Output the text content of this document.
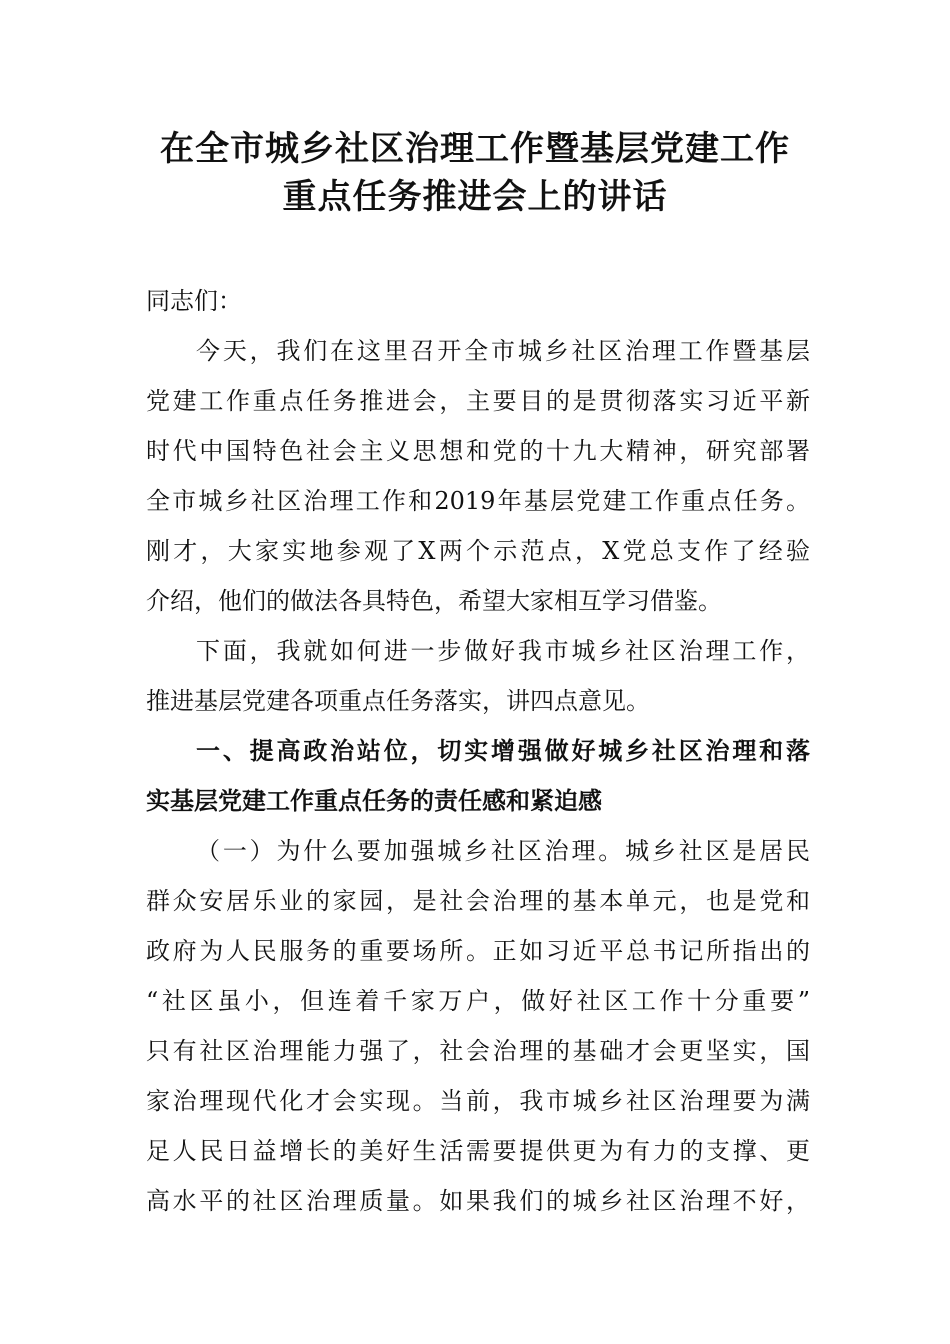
在全市城乡社区治理工作暨基层党建工作
重点任务推进会上的讲话
同志们：
今天，我们在这里召开全市城乡社区治理工作暨基层
党建工作重点任务推进会，主要目的是贯彻落实习近平新
时代中国特色社会主义思想和党的十九大精神，研究部署
全市城乡社区治理工作和2019年基层党建工作重点任务。
刚才，大家实地参观了X两个示范点，X党总支作了经验
介绍，他们的做法各具特色，希望大家相互学习借鉴。
下面，我就如何进一步做好我市城乡社区治理工作，
推进基层党建各项重点任务落实，讲四点意见。
一、提高政治站位，切实增强做好城乡社区治理和落
实基层党建工作重点任务的责任感和紧迫感
（一）为什么要加强城乡社区治理。城乡社区是居民
群众安居乐业的家园，是社会治理的基本单元，也是党和
政府为人民服务的重要场所。正如习近平总书记所指出的
“社区虽小，但连着千家万户，做好社区工作十分重要”
只有社区治理能力强了，社会治理的基础才会更坚实，国
家治理现代化才会实现。当前，我市城乡社区治理要为满
足人民日益增长的美好生活需要提供更为有力的支撑、更
高水平的社区治理质量。如果我们的城乡社区治理不好，
